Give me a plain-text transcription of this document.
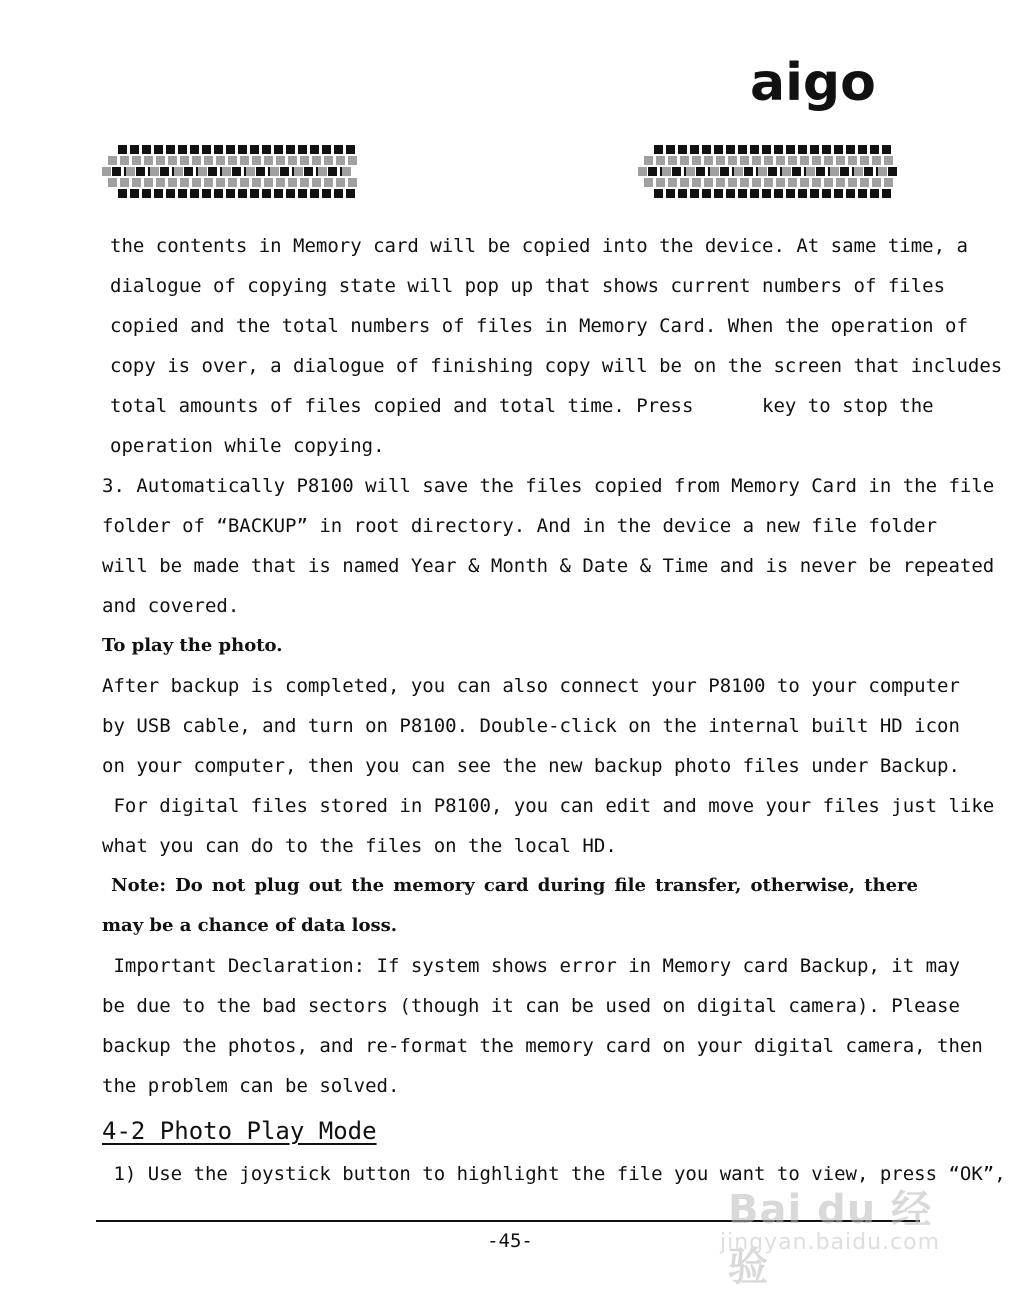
aigo
the contents in Memory card will be copied into the device. At same time, a
dialogue of copying state will pop up that shows current numbers of files
copied and the total numbers of files in Memory Card. When the operation of
copy is over, a dialogue of finishing copy will be on the screen that includes
total amounts of files copied and total time. Press      key to stop the
operation while copying.
3. Automatically P8100 will save the files copied from Memory Card in the file
folder of “BACKUP” in root directory. And in the device a new file folder
will be made that is named Year & Month & Date & Time and is never be repeated
and covered.
To play the photo.
After backup is completed, you can also connect your P8100 to your computer
by USB cable, and turn on P8100. Double-click on the internal built HD icon
on your computer, then you can see the new backup photo files under Backup.
For digital files stored in P8100, you can edit and move your files just like
what you can do to the files on the local HD.
Note: Do not plug out the memory card during file transfer, otherwise, there
may be a chance of data loss.
Important Declaration: If system shows error in Memory card Backup, it may
be due to the bad sectors (though it can be used on digital camera). Please
backup the photos, and re-format the memory card on your digital camera, then
the problem can be solved.
4-2 Photo Play Mode
1) Use the joystick button to highlight the file you want to view, press “OK”,
-45-
Bai du 经验
jingyan.baidu.com
